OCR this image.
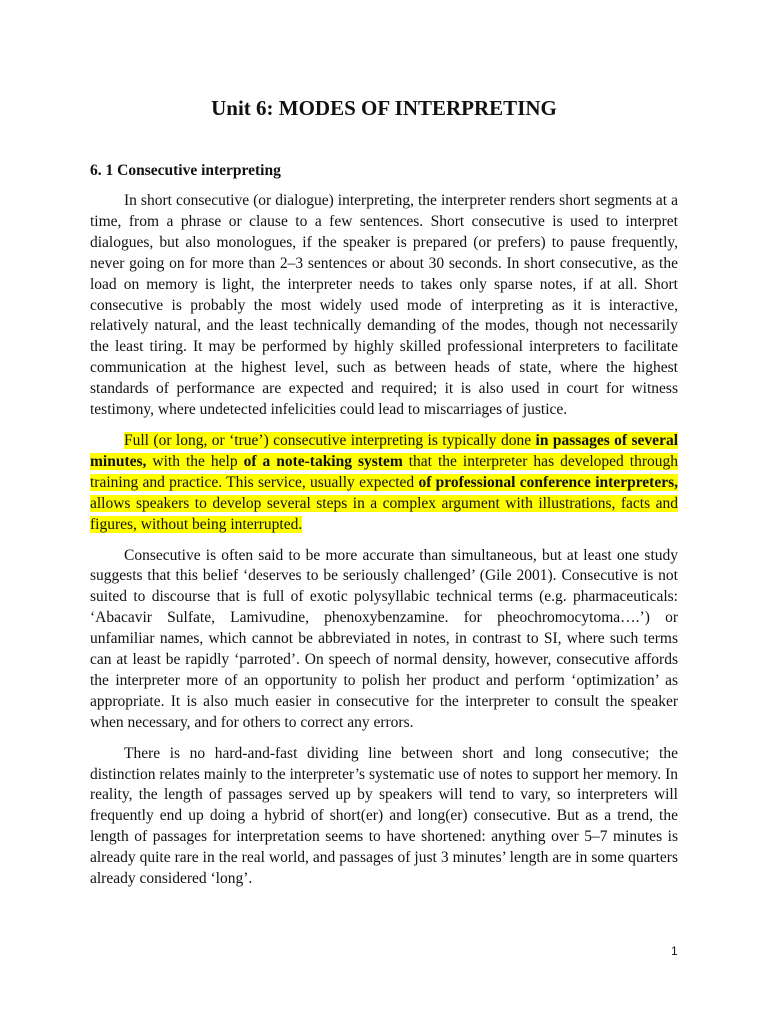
Unit 6: MODES OF INTERPRETING
6. 1 Consecutive interpreting

In short consecutive (or dialogue) interpreting, the interpreter renders short segments at a time, from a phrase or clause to a few sentences. Short consecutive is used to interpret dialogues, but also monologues, if the speaker is prepared (or prefers) to pause frequently, never going on for more than 2–3 sentences or about 30 seconds. In short consecutive, as the load on memory is light, the interpreter needs to takes only sparse notes, if at all. Short consecutive is probably the most widely used mode of interpreting as it is interactive, relatively natural, and the least technically demanding of the modes, though not necessarily the least tiring. It may be performed by highly skilled professional interpreters to facilitate communication at the highest level, such as between heads of state, where the highest standards of performance are expected and required; it is also used in court for witness testimony, where undetected infelicities could lead to miscarriages of justice.

Full (or long, or ‘true’) consecutive interpreting is typically done in passages of several minutes, with the help of a note-taking system that the interpreter has developed through training and practice. This service, usually expected of professional conference interpreters, allows speakers to develop several steps in a complex argument with illustrations, facts and figures, without being interrupted.

Consecutive is often said to be more accurate than simultaneous, but at least one study suggests that this belief ‘deserves to be seriously challenged’ (Gile 2001). Consecutive is not suited to discourse that is full of exotic polysyllabic technical terms (e.g. pharmaceuticals: ‘Abacavir Sulfate, Lamivudine, phenoxybenzamine. for pheochromocytoma….’) or unfamiliar names, which cannot be abbreviated in notes, in contrast to SI, where such terms can at least be rapidly ‘parroted’. On speech of normal density, however, consecutive affords the interpreter more of an opportunity to polish her product and perform ‘optimization’ as appropriate. It is also much easier in consecutive for the interpreter to consult the speaker when necessary, and for others to correct any errors.

There is no hard-and-fast dividing line between short and long consecutive; the distinction relates mainly to the interpreter’s systematic use of notes to support her memory. In reality, the length of passages served up by speakers will tend to vary, so interpreters will frequently end up doing a hybrid of short(er) and long(er) consecutive. But as a trend, the length of passages for interpretation seems to have shortened: anything over 5–7 minutes is already quite rare in the real world, and passages of just 3 minutes’ length are in some quarters already considered ‘long’.

1
